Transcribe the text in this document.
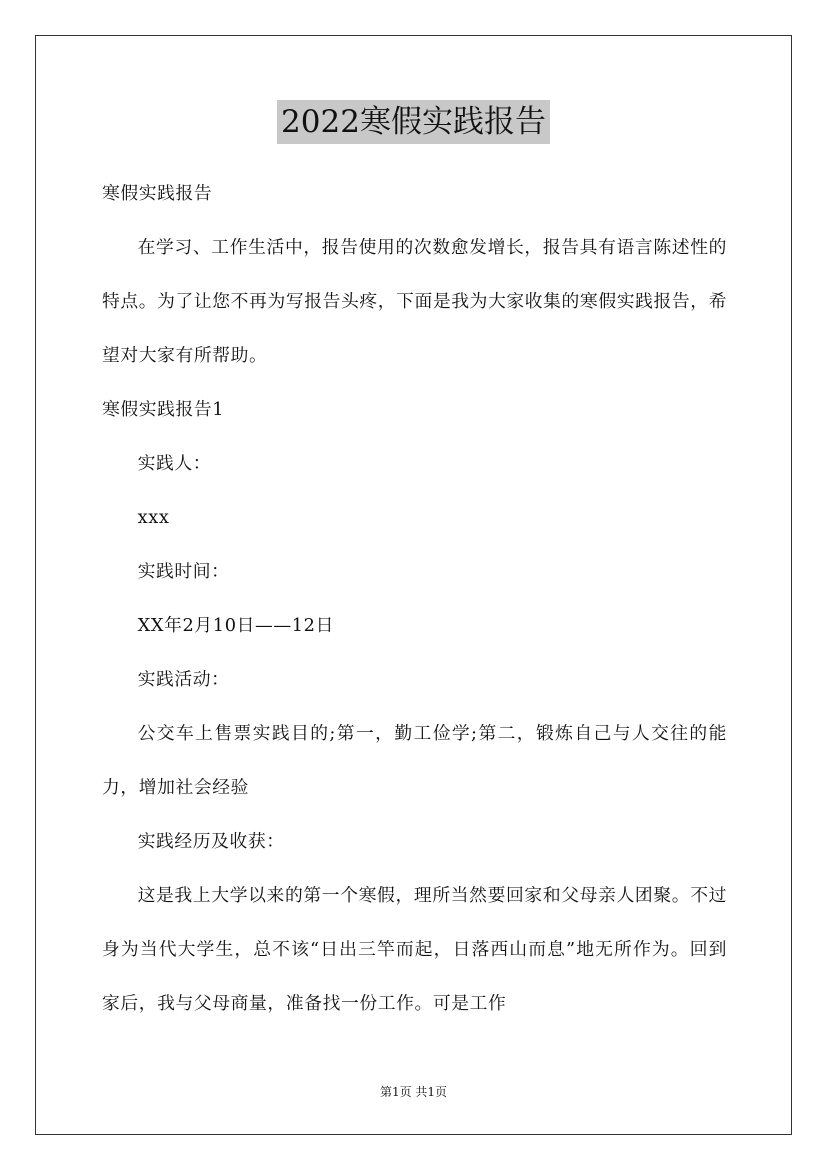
2022寒假实践报告

寒假实践报告

在学习、工作生活中，报告使用的次数愈发增长，报告具有语言陈述性的特点。为了让您不再为写报告头疼，下面是我为大家收集的寒假实践报告，希望对大家有所帮助。

寒假实践报告1

实践人：

xxx

实践时间：

XX年2月10日——12日

实践活动：

公交车上售票实践目的;第一，勤工俭学;第二，锻炼自己与人交往的能力，增加社会经验

实践经历及收获：

这是我上大学以来的第一个寒假，理所当然要回家和父母亲人团聚。不过身为当代大学生，总不该“日出三竿而起，日落西山而息”地无所作为。回到家后，我与父母商量，准备找一份工作。可是工作

第1页 共1页
